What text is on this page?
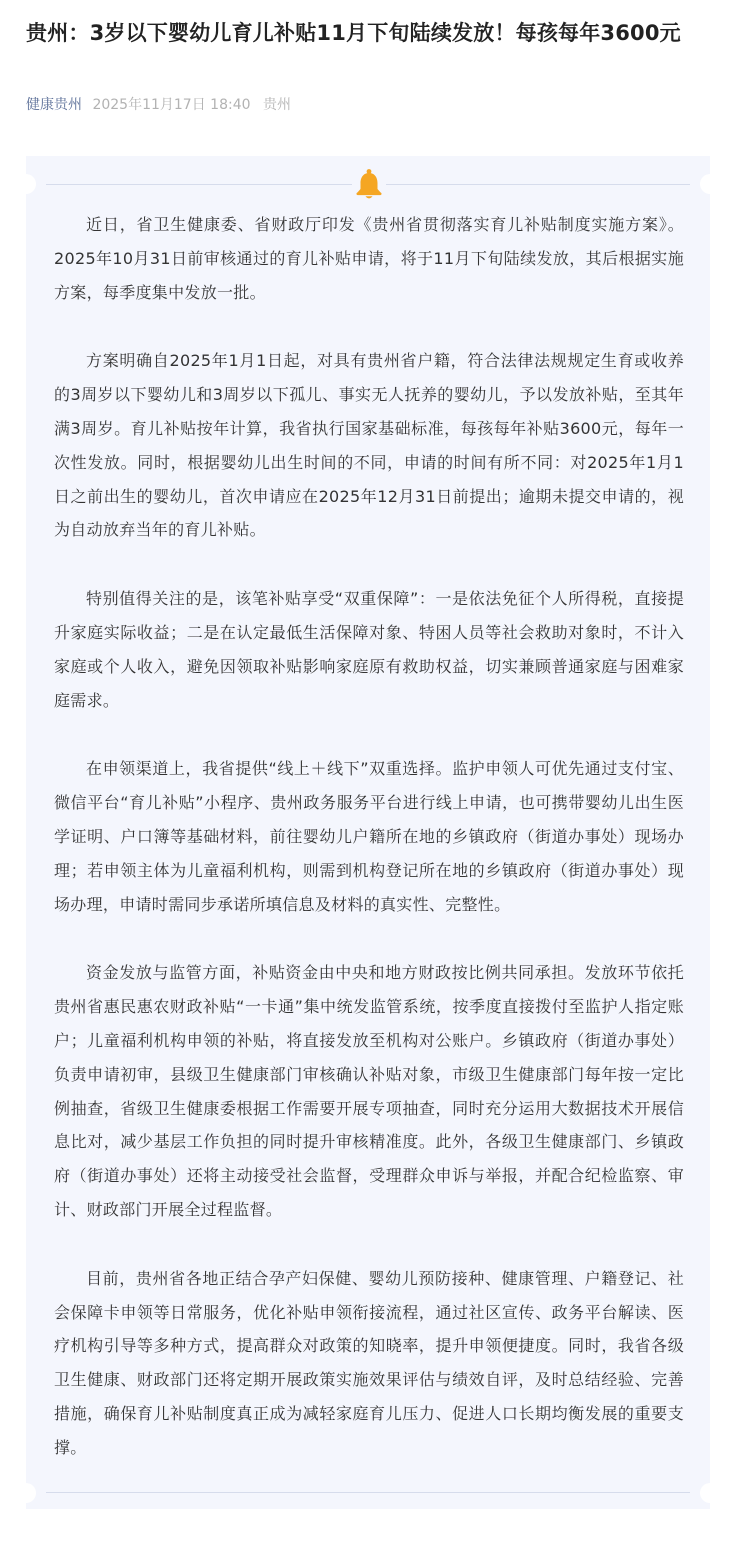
贵州：3岁以下婴幼儿育儿补贴11月下旬陆续发放！每孩每年3600元
健康贵州 2025年11月17日 18:40 贵州

近日，省卫生健康委、省财政厅印发《贵州省贯彻落实育儿补贴制度实施方案》。2025年10月31日前审核通过的育儿补贴申请，将于11月下旬陆续发放，其后根据实施方案，每季度集中发放一批。

方案明确自2025年1月1日起，对具有贵州省户籍，符合法律法规规定生育或收养的3周岁以下婴幼儿和3周岁以下孤儿、事实无人抚养的婴幼儿，予以发放补贴，至其年满3周岁。育儿补贴按年计算，我省执行国家基础标准，每孩每年补贴3600元，每年一次性发放。同时，根据婴幼儿出生时间的不同，申请的时间有所不同：对2025年1月1日之前出生的婴幼儿，首次申请应在2025年12月31日前提出；逾期未提交申请的，视为自动放弃当年的育儿补贴。

特别值得关注的是，该笔补贴享受“双重保障”：一是依法免征个人所得税，直接提升家庭实际收益；二是在认定最低生活保障对象、特困人员等社会救助对象时，不计入家庭或个人收入，避免因领取补贴影响家庭原有救助权益，切实兼顾普通家庭与困难家庭需求。

在申领渠道上，我省提供“线上＋线下”双重选择。监护申领人可优先通过支付宝、微信平台“育儿补贴”小程序、贵州政务服务平台进行线上申请，也可携带婴幼儿出生医学证明、户口簿等基础材料，前往婴幼儿户籍所在地的乡镇政府（街道办事处）现场办理；若申领主体为儿童福利机构，则需到机构登记所在地的乡镇政府（街道办事处）现场办理，申请时需同步承诺所填信息及材料的真实性、完整性。

资金发放与监管方面，补贴资金由中央和地方财政按比例共同承担。发放环节依托贵州省惠民惠农财政补贴“一卡通”集中统发监管系统，按季度直接拨付至监护人指定账户；儿童福利机构申领的补贴，将直接发放至机构对公账户。乡镇政府（街道办事处）负责申请初审，县级卫生健康部门审核确认补贴对象，市级卫生健康部门每年按一定比例抽查，省级卫生健康委根据工作需要开展专项抽查，同时充分运用大数据技术开展信息比对，减少基层工作负担的同时提升审核精准度。此外，各级卫生健康部门、乡镇政府（街道办事处）还将主动接受社会监督，受理群众申诉与举报，并配合纪检监察、审计、财政部门开展全过程监督。

目前，贵州省各地正结合孕产妇保健、婴幼儿预防接种、健康管理、户籍登记、社会保障卡申领等日常服务，优化补贴申领衔接流程，通过社区宣传、政务平台解读、医疗机构引导等多种方式，提高群众对政策的知晓率，提升申领便捷度。同时，我省各级卫生健康、财政部门还将定期开展政策实施效果评估与绩效自评，及时总结经验、完善措施，确保育儿补贴制度真正成为减轻家庭育儿压力、促进人口长期均衡发展的重要支撑。
